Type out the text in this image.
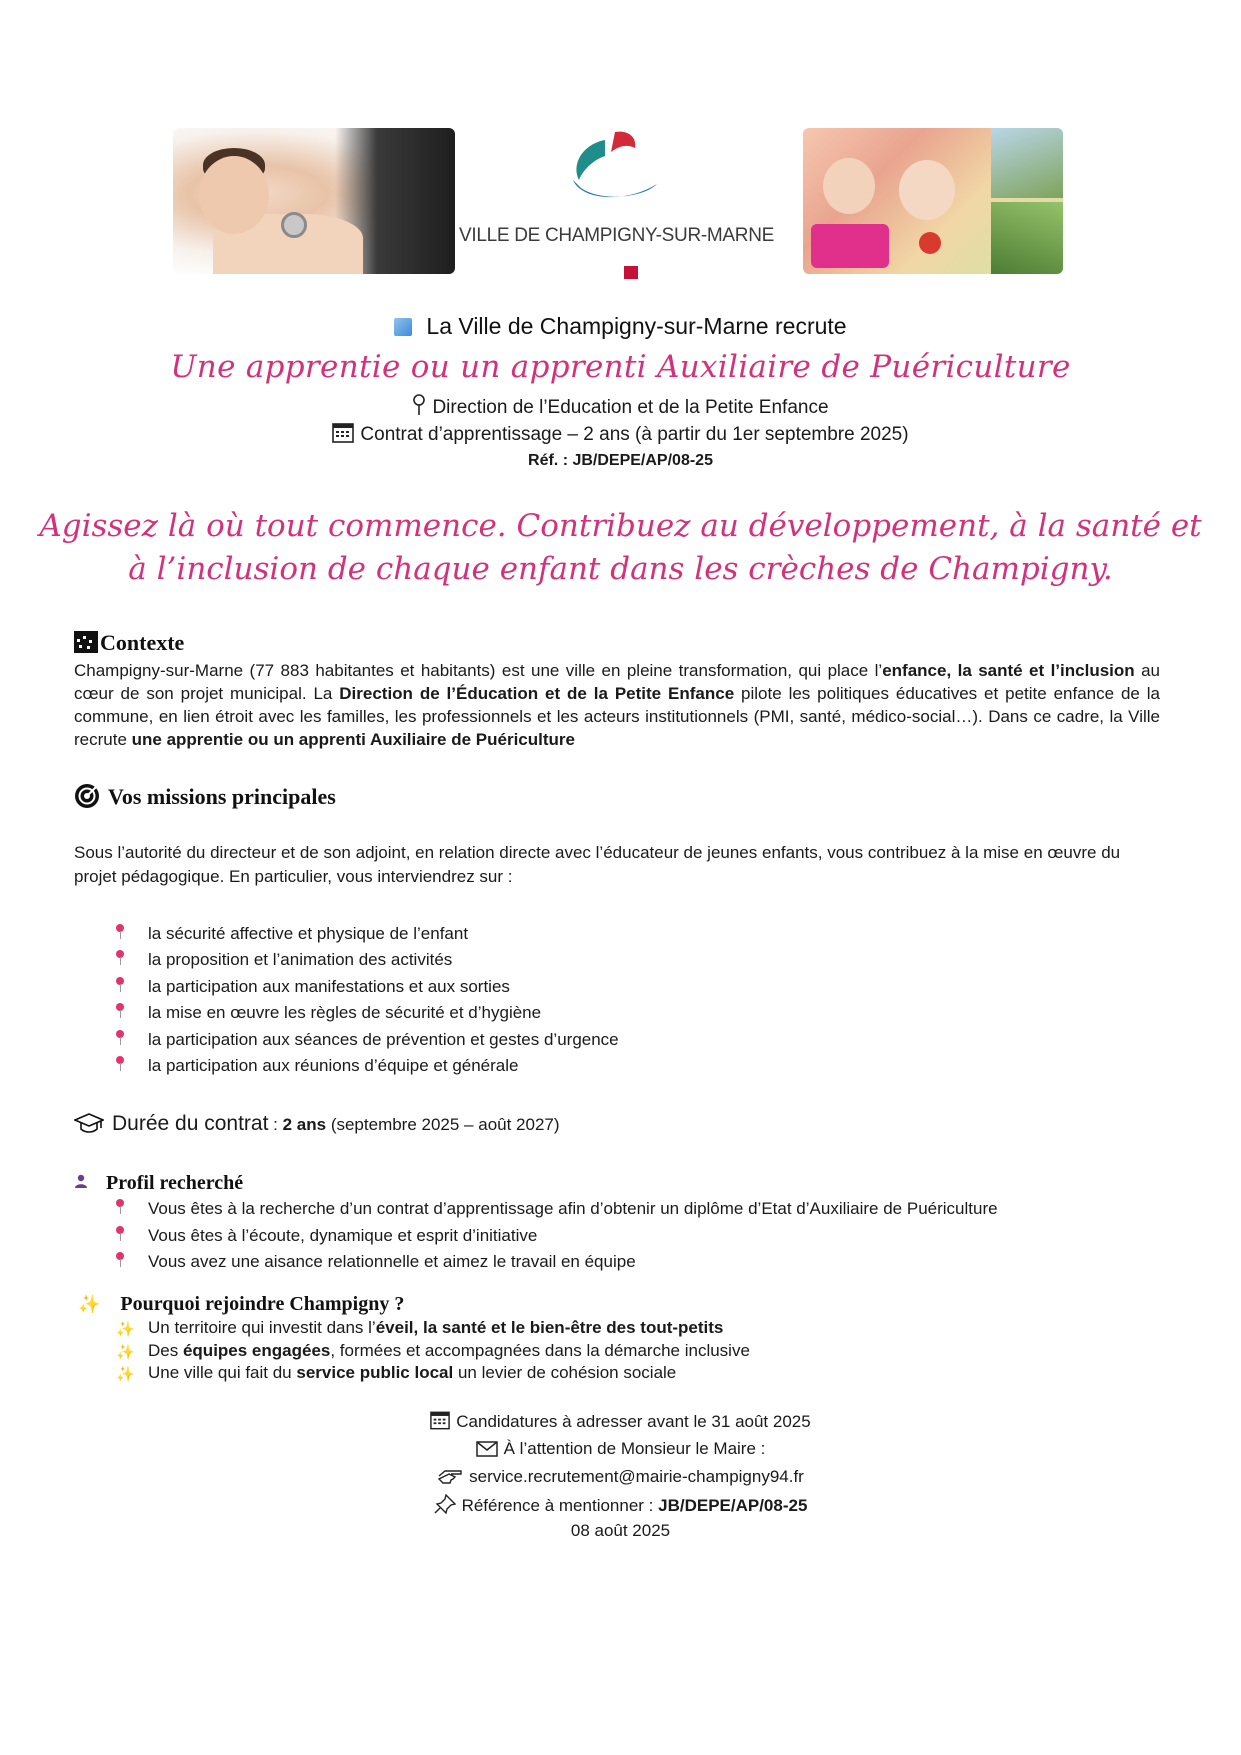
VILLE DE CHAMPIGNY-SUR-MARNE
La Ville de Champigny-sur-Marne recrute
Une apprentie ou un apprenti Auxiliaire de Puériculture
Direction de l’Education et de la Petite Enfance
Contrat d’apprentissage – 2 ans (à partir du 1er septembre 2025)
Réf. : JB/DEPE/AP/08-25
Agissez là où tout commence. Contribuez au développement, à la santé et
à l’inclusion de chaque enfant dans les crèches de Champigny.
Contexte
Champigny-sur-Marne (77 883 habitantes et habitants) est une ville en pleine transformation, qui place l’enfance, la santé et l’inclusion au cœur de son projet municipal. La Direction de l’Éducation et de la Petite Enfance pilote les politiques éducatives et petite enfance de la commune, en lien étroit avec les familles, les professionnels et les acteurs institutionnels (PMI, santé, médico-social…). Dans ce cadre, la Ville recrute une apprentie ou un apprenti Auxiliaire de Puériculture
Vos missions principales
Sous l’autorité du directeur et de son adjoint, en relation directe avec l’éducateur de jeunes enfants, vous contribuez à la mise en œuvre du projet pédagogique. En particulier, vous interviendrez sur :
la sécurité affective et physique de l’enfant
la proposition et l’animation des activités
la participation aux manifestations et aux sorties
la mise en œuvre les règles de sécurité et d’hygiène
la participation aux séances de prévention et gestes d’urgence
la participation aux réunions d’équipe et générale
Durée du contrat : 2 ans (septembre 2025 – août 2027)
Profil recherché
Vous êtes à la recherche d’un contrat d’apprentissage afin d’obtenir un diplôme d’Etat d’Auxiliaire de Puériculture
Vous êtes à l’écoute, dynamique et esprit d’initiative
Vous avez une aisance relationnelle et aimez le travail en équipe
✨ Pourquoi rejoindre Champigny ?
✨ Un territoire qui investit dans l’éveil, la santé et le bien-être des tout-petits
✨ Des équipes engagées, formées et accompagnées dans la démarche inclusive
✨ Une ville qui fait du service public local un levier de cohésion sociale
Candidatures à adresser avant le 31 août 2025
À l’attention de Monsieur le Maire :
service.recrutement@mairie-champigny94.fr
Référence à mentionner : JB/DEPE/AP/08-25
08 août 2025
